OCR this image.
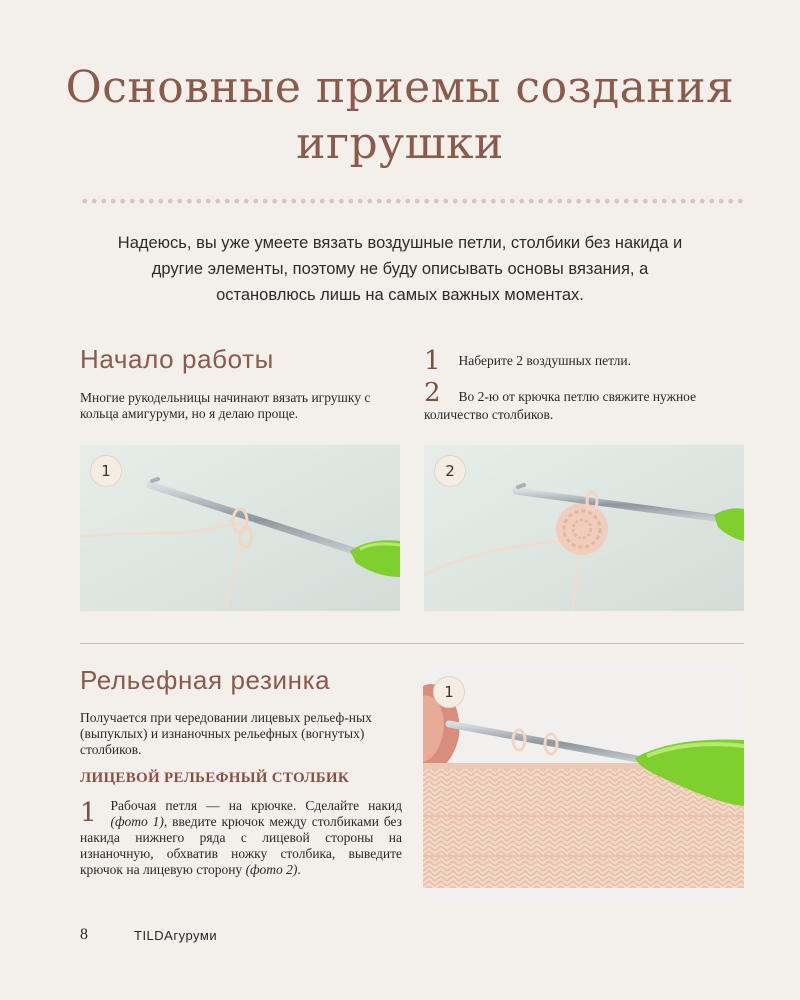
Основные приемы создания
игрушки
Надеюсь, вы уже умеете вязать воздушные петли, столбики без накида и другие элементы, поэтому не буду описывать основы вязания, а остановлюсь лишь на самых важных моментах.
Начало работы
Многие рукодельницы начинают вязать игрушку с кольца амигуруми, но я делаю проще.
1 $^{Наберите 2 воздушных петли.}$
2 Во 2-ю от крючка петлю свяжите нужное количество столбиков.
1	2
Рельефная резинка
Получается при чередовании лицевых рельеф-ных (выпуклых) и изнаночных рельефных (вогнутых) столбиков.
ЛИЦЕВОЙ РЕЛЬЕФНЫЙ СТОЛБИК
1 Рабочая петля — на крючке. Сделайте накид (фото 1), введите крючок между столбиками без накида нижнего ряда с лицевой стороны на изнаночную, обхватив ножку столбика, выведите крючок на лицевую сторону (фото 2).
1
8	TILDАгуруми
